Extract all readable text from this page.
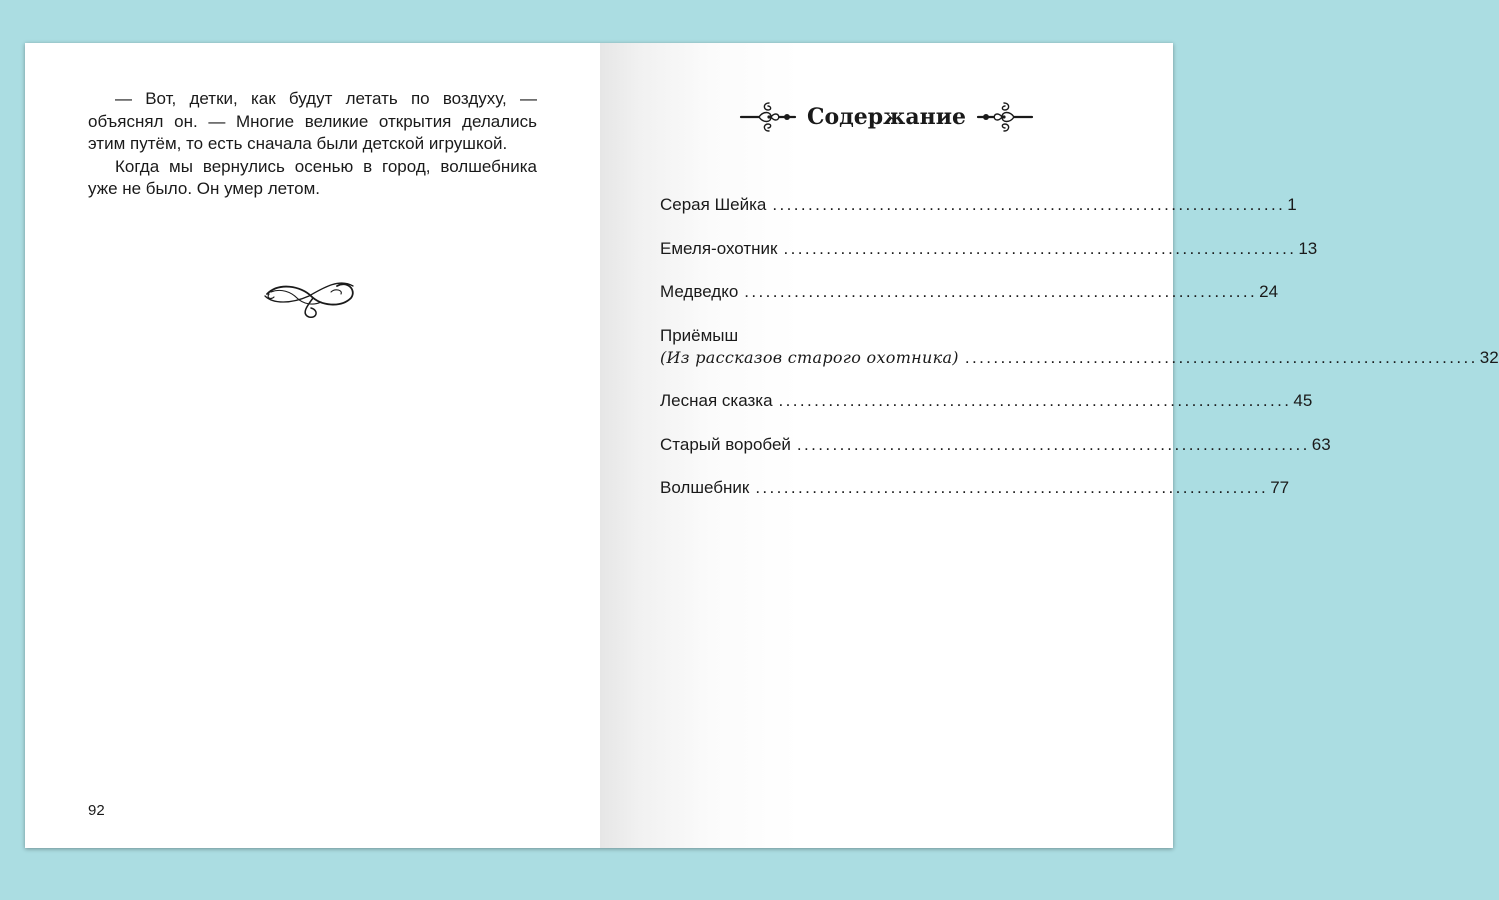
— Вот, детки, как будут летать по воздуху, — объяснял он. — Многие великие открытия делались этим путём, то есть сначала были детской игрушкой.

Когда мы вернулись осенью в город, волшебника уже не было. Он умер летом.

92
Содержание
Серая Шейка ........................................................................ 1
Емеля-охотник ........................................................................ 13
Медведко ........................................................................ 24
Приёмыш
(Из рассказов старого охотника) ........................................................................ 32
Лесная сказка ........................................................................ 45
Старый воробей ........................................................................ 63
Волшебник ........................................................................ 77
